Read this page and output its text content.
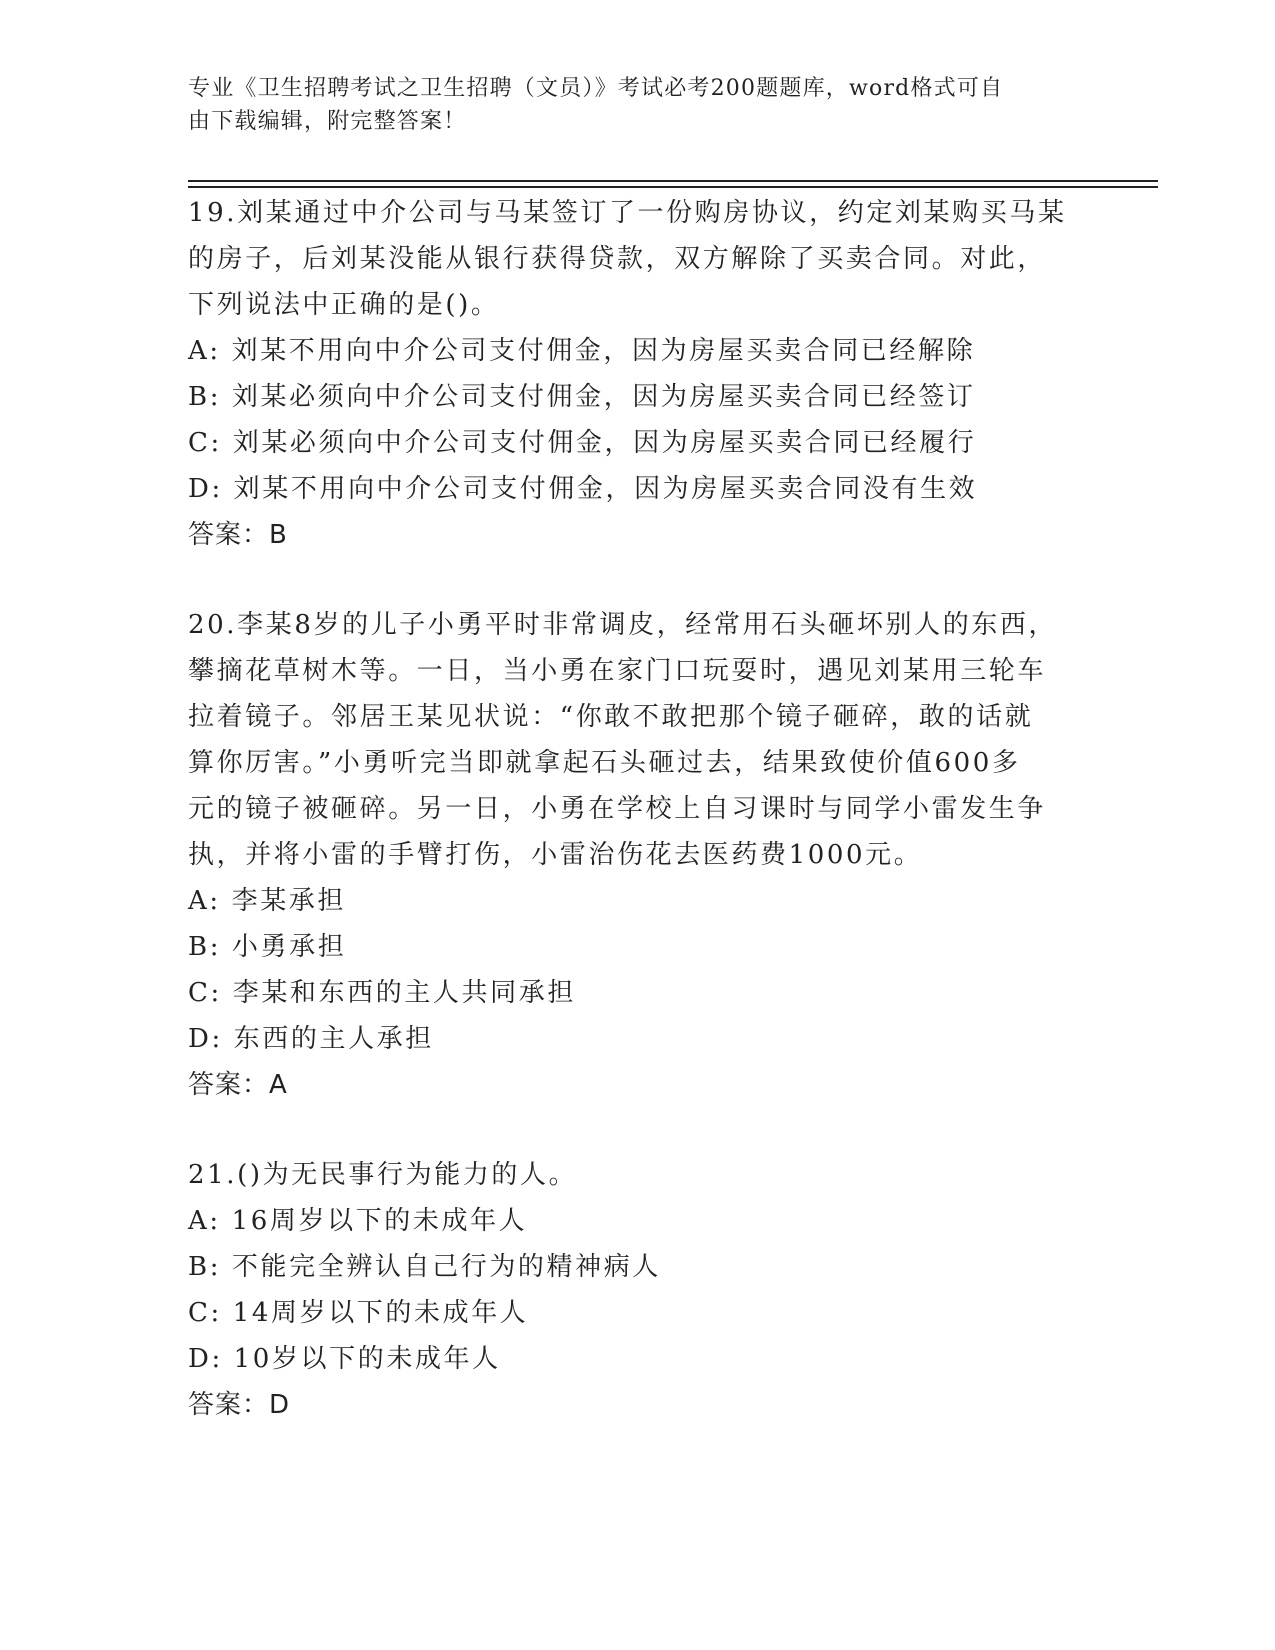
专业《卫生招聘考试之卫生招聘（文员）》考试必考200题题库，word格式可自
由下载编辑，附完整答案！

19.刘某通过中介公司与马某签订了一份购房协议，约定刘某购买马某

的房子，后刘某没能从银行获得贷款，双方解除了买卖合同。对此，

下列说法中正确的是()。

A: 刘某不用向中介公司支付佣金，因为房屋买卖合同已经解除

B: 刘某必须向中介公司支付佣金，因为房屋买卖合同已经签订

C: 刘某必须向中介公司支付佣金，因为房屋买卖合同已经履行

D: 刘某不用向中介公司支付佣金，因为房屋买卖合同没有生效

答案：B

20.李某8岁的儿子小勇平时非常调皮，经常用石头砸坏别人的东西，

攀摘花草树木等。一日，当小勇在家门口玩耍时，遇见刘某用三轮车

拉着镜子。邻居王某见状说：“你敢不敢把那个镜子砸碎，敢的话就

算你厉害。”小勇听完当即就拿起石头砸过去，结果致使价值600多

元的镜子被砸碎。另一日，小勇在学校上自习课时与同学小雷发生争

执，并将小雷的手臂打伤，小雷治伤花去医药费1000元。

A: 李某承担

B: 小勇承担

C: 李某和东西的主人共同承担

D: 东西的主人承担

答案：A

21.()为无民事行为能力的人。

A: 16周岁以下的未成年人

B: 不能完全辨认自己行为的精神病人

C: 14周岁以下的未成年人

D: 10岁以下的未成年人

答案：D
